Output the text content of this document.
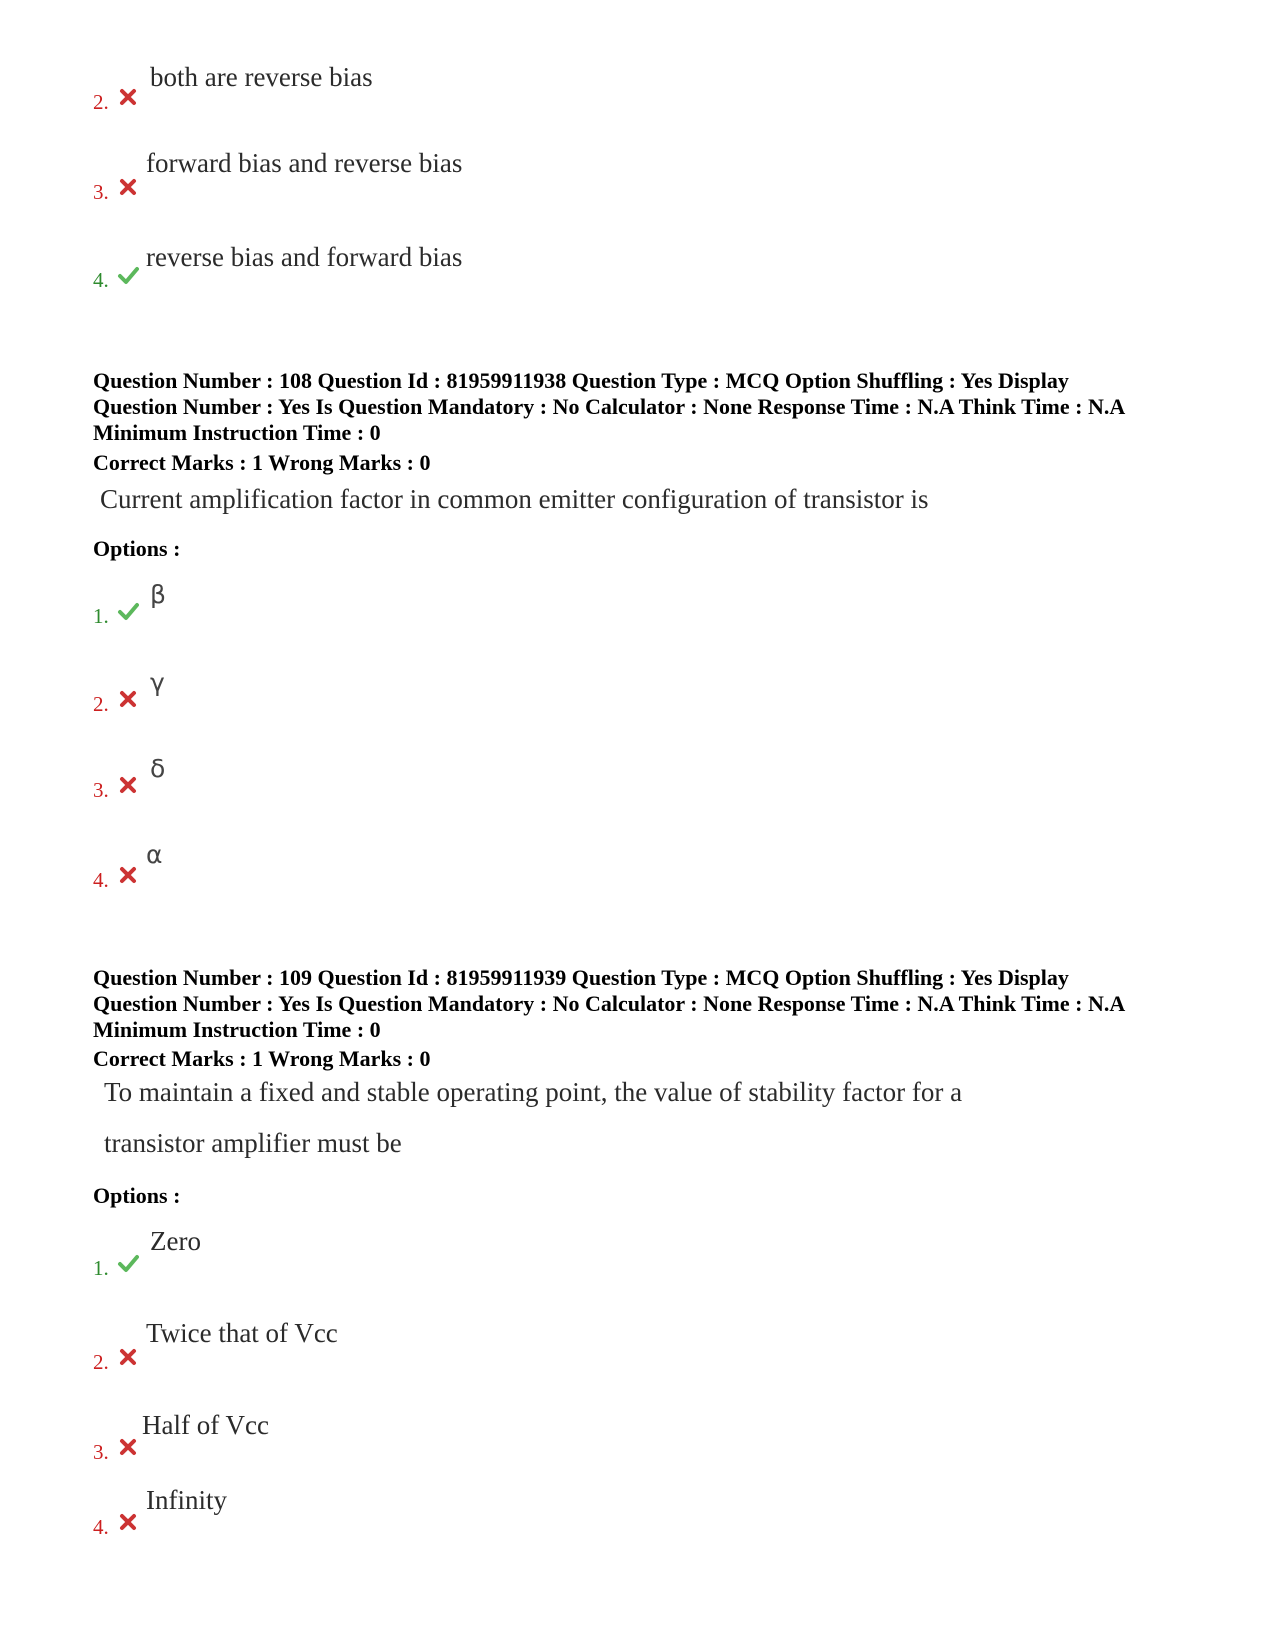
both are reverse bias
2.
forward bias and reverse bias
3.
reverse bias and forward bias
4.
Question Number : 108 Question Id : 81959911938 Question Type : MCQ Option Shuffling : Yes Display
Question Number : Yes Is Question Mandatory : No Calculator : None Response Time : N.A Think Time : N.A
Minimum Instruction Time : 0
Correct Marks : 1 Wrong Marks : 0
Current amplification factor in common emitter configuration of transistor is
Options :
β
1.
γ
2.
δ
3.
α
4.
Question Number : 109 Question Id : 81959911939 Question Type : MCQ Option Shuffling : Yes Display
Question Number : Yes Is Question Mandatory : No Calculator : None Response Time : N.A Think Time : N.A
Minimum Instruction Time : 0
Correct Marks : 1 Wrong Marks : 0
To maintain a fixed and stable operating point, the value of stability factor for a
transistor amplifier must be
Options :
Zero
1.
Twice that of Vcc
2.
Half of Vcc
3.
Infinity
4.
